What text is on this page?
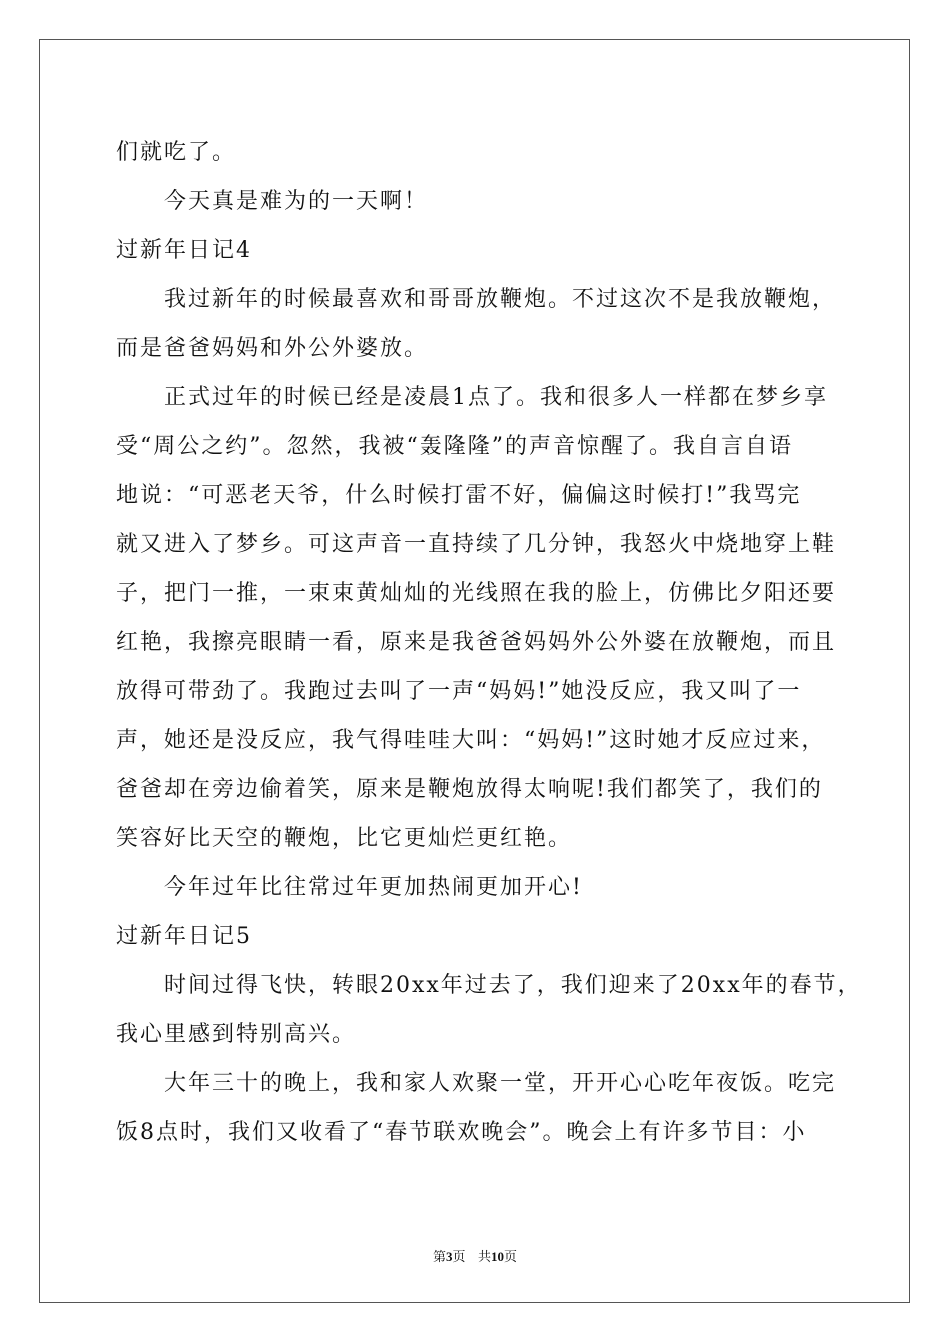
们就吃了。
今天真是难为的一天啊！
过新年日记4
我过新年的时候最喜欢和哥哥放鞭炮。不过这次不是我放鞭炮，
而是爸爸妈妈和外公外婆放。
正式过年的时候已经是凌晨1点了。我和很多人一样都在梦乡享
受“周公之约”。忽然，我被“轰隆隆”的声音惊醒了。我自言自语
地说：“可恶老天爷，什么时候打雷不好，偏偏这时候打!”我骂完
就又进入了梦乡。可这声音一直持续了几分钟，我怒火中烧地穿上鞋
子，把门一推，一束束黄灿灿的光线照在我的脸上，仿佛比夕阳还要
红艳，我擦亮眼睛一看，原来是我爸爸妈妈外公外婆在放鞭炮，而且
放得可带劲了。我跑过去叫了一声“妈妈!”她没反应，我又叫了一
声，她还是没反应，我气得哇哇大叫：“妈妈!”这时她才反应过来，
爸爸却在旁边偷着笑，原来是鞭炮放得太响呢!我们都笑了，我们的
笑容好比天空的鞭炮，比它更灿烂更红艳。
今年过年比往常过年更加热闹更加开心!
过新年日记5
时间过得飞快，转眼20xx年过去了，我们迎来了20xx年的春节，
我心里感到特别高兴。
大年三十的晚上，我和家人欢聚一堂，开开心心吃年夜饭。吃完
饭8点时，我们又收看了“春节联欢晚会”。晚会上有许多节目：小
第3页 共10页
